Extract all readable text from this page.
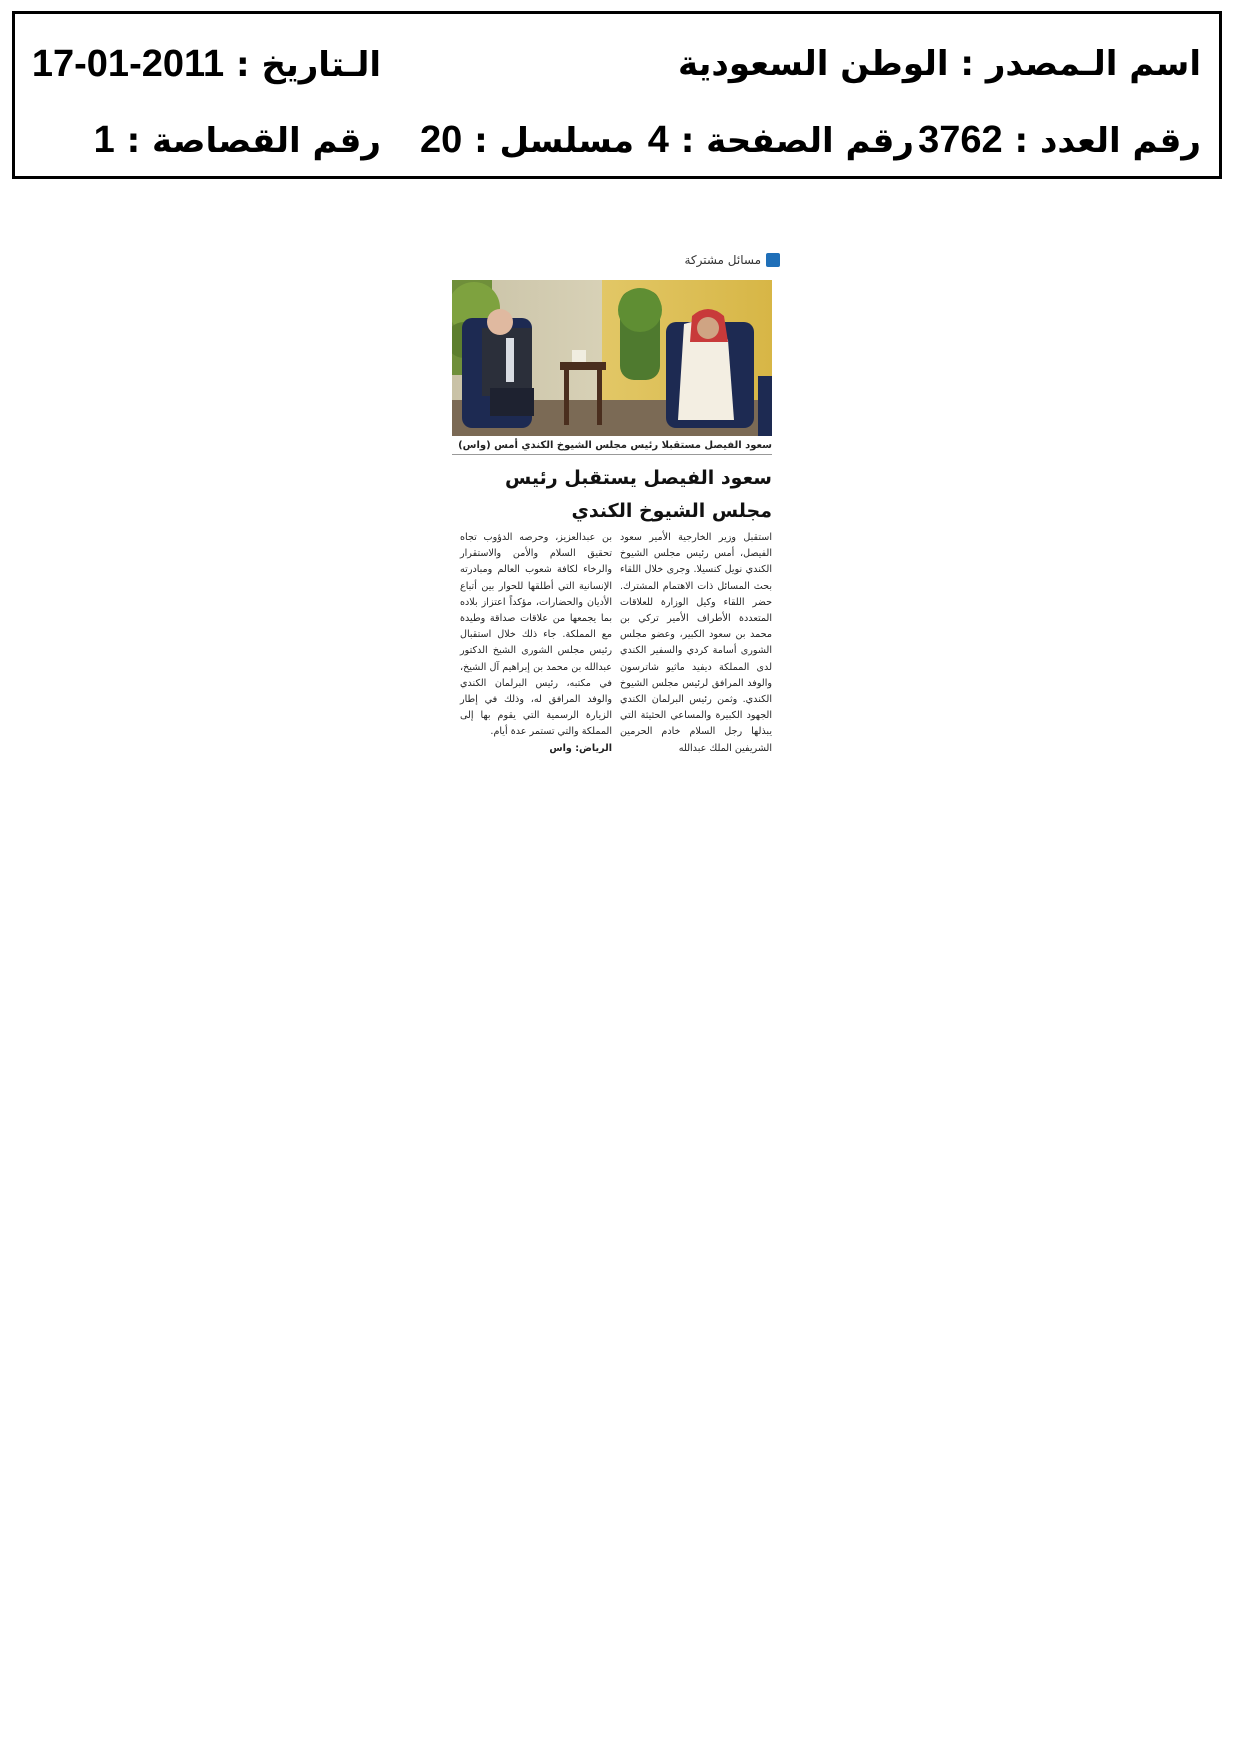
اسم الـمصدر : الوطن السعودية
الـتاريخ : 2011-01-17
رقم العدد : 3762
رقم الصفحة : 4
مسلسل : 20
رقم القصاصة : 1
مسائل مشتركة
سعود الفيصل مستقبلا رئيس مجلس الشيوخ الكندي أمس (واس)
سعود الفيصل يستقبل رئيس
مجلس الشيوخ الكندي
استقبل وزير الخارجية الأمير سعود الفيصل، أمس رئيس مجلس الشيوخ الكندي نويل كنسيلا. وجرى خلال اللقاء بحث المسائل ذات الاهتمام المشترك. حضر اللقاء وكيل الوزارة للعلاقات المتعددة الأطراف الأمير تركي بن محمد بن سعود الكبير، وعضو مجلس الشورى أسامة كردي والسفير الكندي لدى المملكة ديفيد ماثيو شاترسون والوفد المرافق لرئيس مجلس الشيوخ الكندي. وثمن رئيس البرلمان الكندي الجهود الكبيرة والمساعي الحثيثة التي يبذلها رجل السلام خادم الحرمين الشريفين الملك عبدالله
بن عبدالعزيز، وحرصه الدؤوب تجاه تحقيق السلام والأمن والاستقرار والرخاء لكافة شعوب العالم ومبادرته الإنسانية التي أطلقها للحوار بين أتباع الأديان والحضارات، مؤكداً اعتزاز بلاده بما يجمعها من علاقات صداقة وطيدة مع المملكة. جاء ذلك خلال استقبال رئيس مجلس الشورى الشيخ الدكتور عبدالله بن محمد بن إبراهيم آل الشيخ، في مكتبه، رئيس البرلمان الكندي والوفد المرافق له، وذلك في إطار الزيارة الرسمية التي يقوم بها إلى المملكة والتي تستمر عدة أيام.
الرياض: واس
